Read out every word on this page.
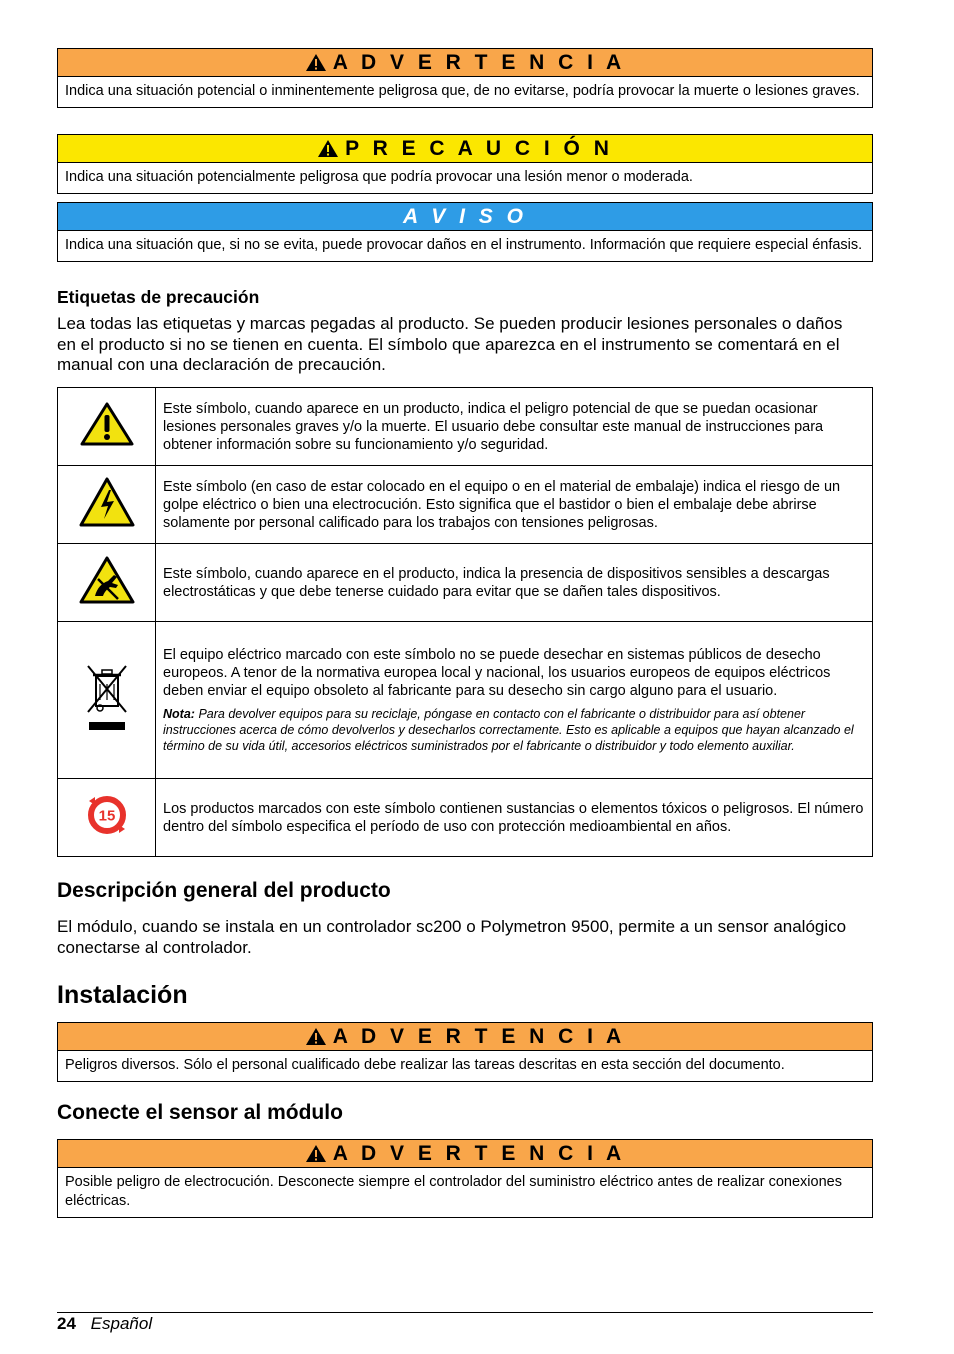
A D V E R T E N C I A
Indica una situación potencial o inminentemente peligrosa que, de no evitarse, podría provocar la muerte o lesiones graves.
P R E C A U C I Ó N
Indica una situación potencialmente peligrosa que podría provocar una lesión menor o moderada.
A V I S O
Indica una situación que, si no se evita, puede provocar daños en el instrumento. Información que requiere especial énfasis.
Etiquetas de precaución

Lea todas las etiquetas y marcas pegadas al producto. Se pueden producir lesiones personales o daños en el producto si no se tienen en cuenta. El símbolo que aparezca en el instrumento se comentará en el manual con una declaración de precaución.

	Este símbolo, cuando aparece en un producto, indica el peligro potencial de que se puedan ocasionar lesiones personales graves y/o la muerte. El usuario debe consultar este manual de instrucciones para obtener información sobre su funcionamiento y/o seguridad.
	Este símbolo (en caso de estar colocado en el equipo o en el material de embalaje) indica el riesgo de un golpe eléctrico o bien una electrocución. Esto significa que el bastidor o bien el embalaje debe abrirse solamente por personal calificado para los trabajos con tensiones peligrosas.
	Este símbolo, cuando aparece en el producto, indica la presencia de dispositivos sensibles a descargas electrostáticas y que debe tenerse cuidado para evitar que se dañen tales dispositivos.

El equipo eléctrico marcado con este símbolo no se puede desechar en sistemas públicos de desecho europeos. A tenor de la normativa europea local y nacional, los usuarios europeos de equipos eléctricos deben enviar el equipo obsoleto al fabricante para su desecho sin cargo alguno para el usuario.
Nota: Para devolver equipos para su reciclaje, póngase en contacto con el fabricante o distribuidor para así obtener instrucciones acerca de cómo devolverlos y desecharlos correctamente. Esto es aplicable a equipos que hayan alcanzado el término de su vida útil, accesorios eléctricos suministrados por el fabricante o distribuidor y todo elemento auxiliar.

15	Los productos marcados con este símbolo contienen sustancias o elementos tóxicos o peligrosos. El número dentro del símbolo especifica el período de uso con protección medioambiental en años.
Descripción general del producto

El módulo, cuando se instala en un controlador sc200 o Polymetron 9500, permite a un sensor analógico conectarse al controlador.

Instalación
A D V E R T E N C I A
Peligros diversos. Sólo el personal cualificado debe realizar las tareas descritas en esta sección del documento.
Conecte el sensor al módulo
A D V E R T E N C I A
Posible peligro de electrocución. Desconecte siempre el controlador del suministro eléctrico antes de realizar conexiones eléctricas.
24 Español
